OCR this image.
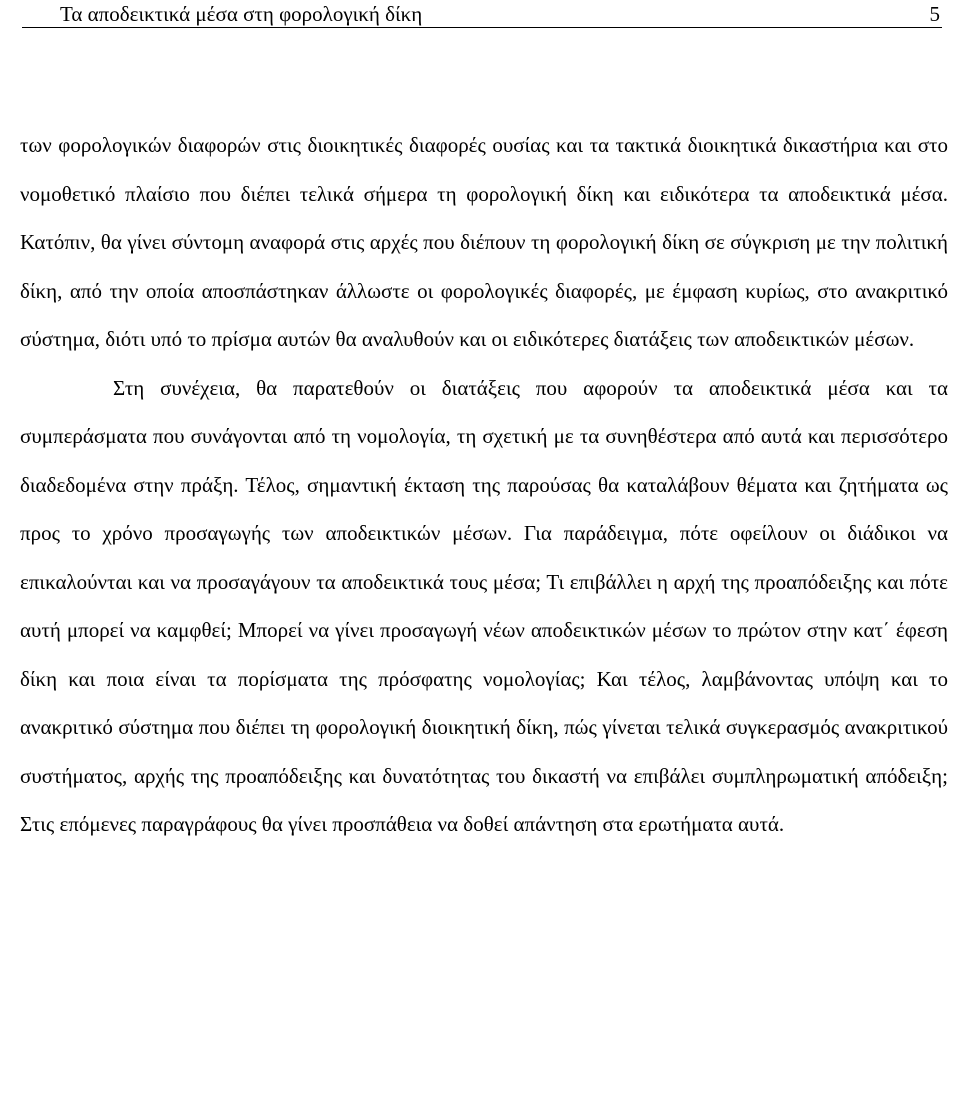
Τα αποδεικτικά μέσα στη φορολογική δίκη	5

των φορολογικών διαφορών στις διοικητικές διαφορές ουσίας και τα τακτικά διοικητικά δικαστήρια και στο νομοθετικό πλαίσιο που διέπει τελικά σήμερα τη φορολογική δίκη και ειδικότερα τα αποδεικτικά μέσα. Κατόπιν, θα γίνει σύντομη αναφορά στις αρχές που διέπουν τη φορολογική δίκη σε σύγκριση με την πολιτική δίκη, από την οποία αποσπάστηκαν άλλωστε οι φορολογικές διαφορές, με έμφαση κυρίως, στο ανακριτικό σύστημα, διότι υπό το πρίσμα αυτών θα αναλυθούν και οι ειδικότερες διατάξεις των αποδεικτικών μέσων.

Στη συνέχεια, θα παρατεθούν οι διατάξεις που αφορούν τα αποδεικτικά μέσα και τα συμπεράσματα που συνάγονται από τη νομολογία, τη σχετική με τα συνηθέστερα από αυτά και περισσότερο διαδεδομένα στην πράξη. Τέλος, σημαντική έκταση της παρούσας θα καταλάβουν θέματα και ζητήματα ως προς το χρόνο προσαγωγής των αποδεικτικών μέσων. Για παράδειγμα, πότε οφείλουν οι διάδικοι να επικαλούνται και να προσαγάγουν τα αποδεικτικά τους μέσα; Τι επιβάλλει η αρχή της προαπόδειξης και πότε αυτή μπορεί να καμφθεί; Μπορεί να γίνει προσαγωγή νέων αποδεικτικών μέσων το πρώτον στην κατ΄ έφεση δίκη και ποια είναι τα πορίσματα της πρόσφατης νομολογίας; Και τέλος, λαμβάνοντας υπόψη και το ανακριτικό σύστημα που διέπει τη φορολογική διοικητική δίκη, πώς γίνεται τελικά συγκερασμός ανακριτικού συστήματος, αρχής της προαπόδειξης και δυνατότητας του δικαστή να επιβάλει συμπληρωματική απόδειξη; Στις επόμενες παραγράφους θα γίνει προσπάθεια να δοθεί απάντηση στα ερωτήματα αυτά.
